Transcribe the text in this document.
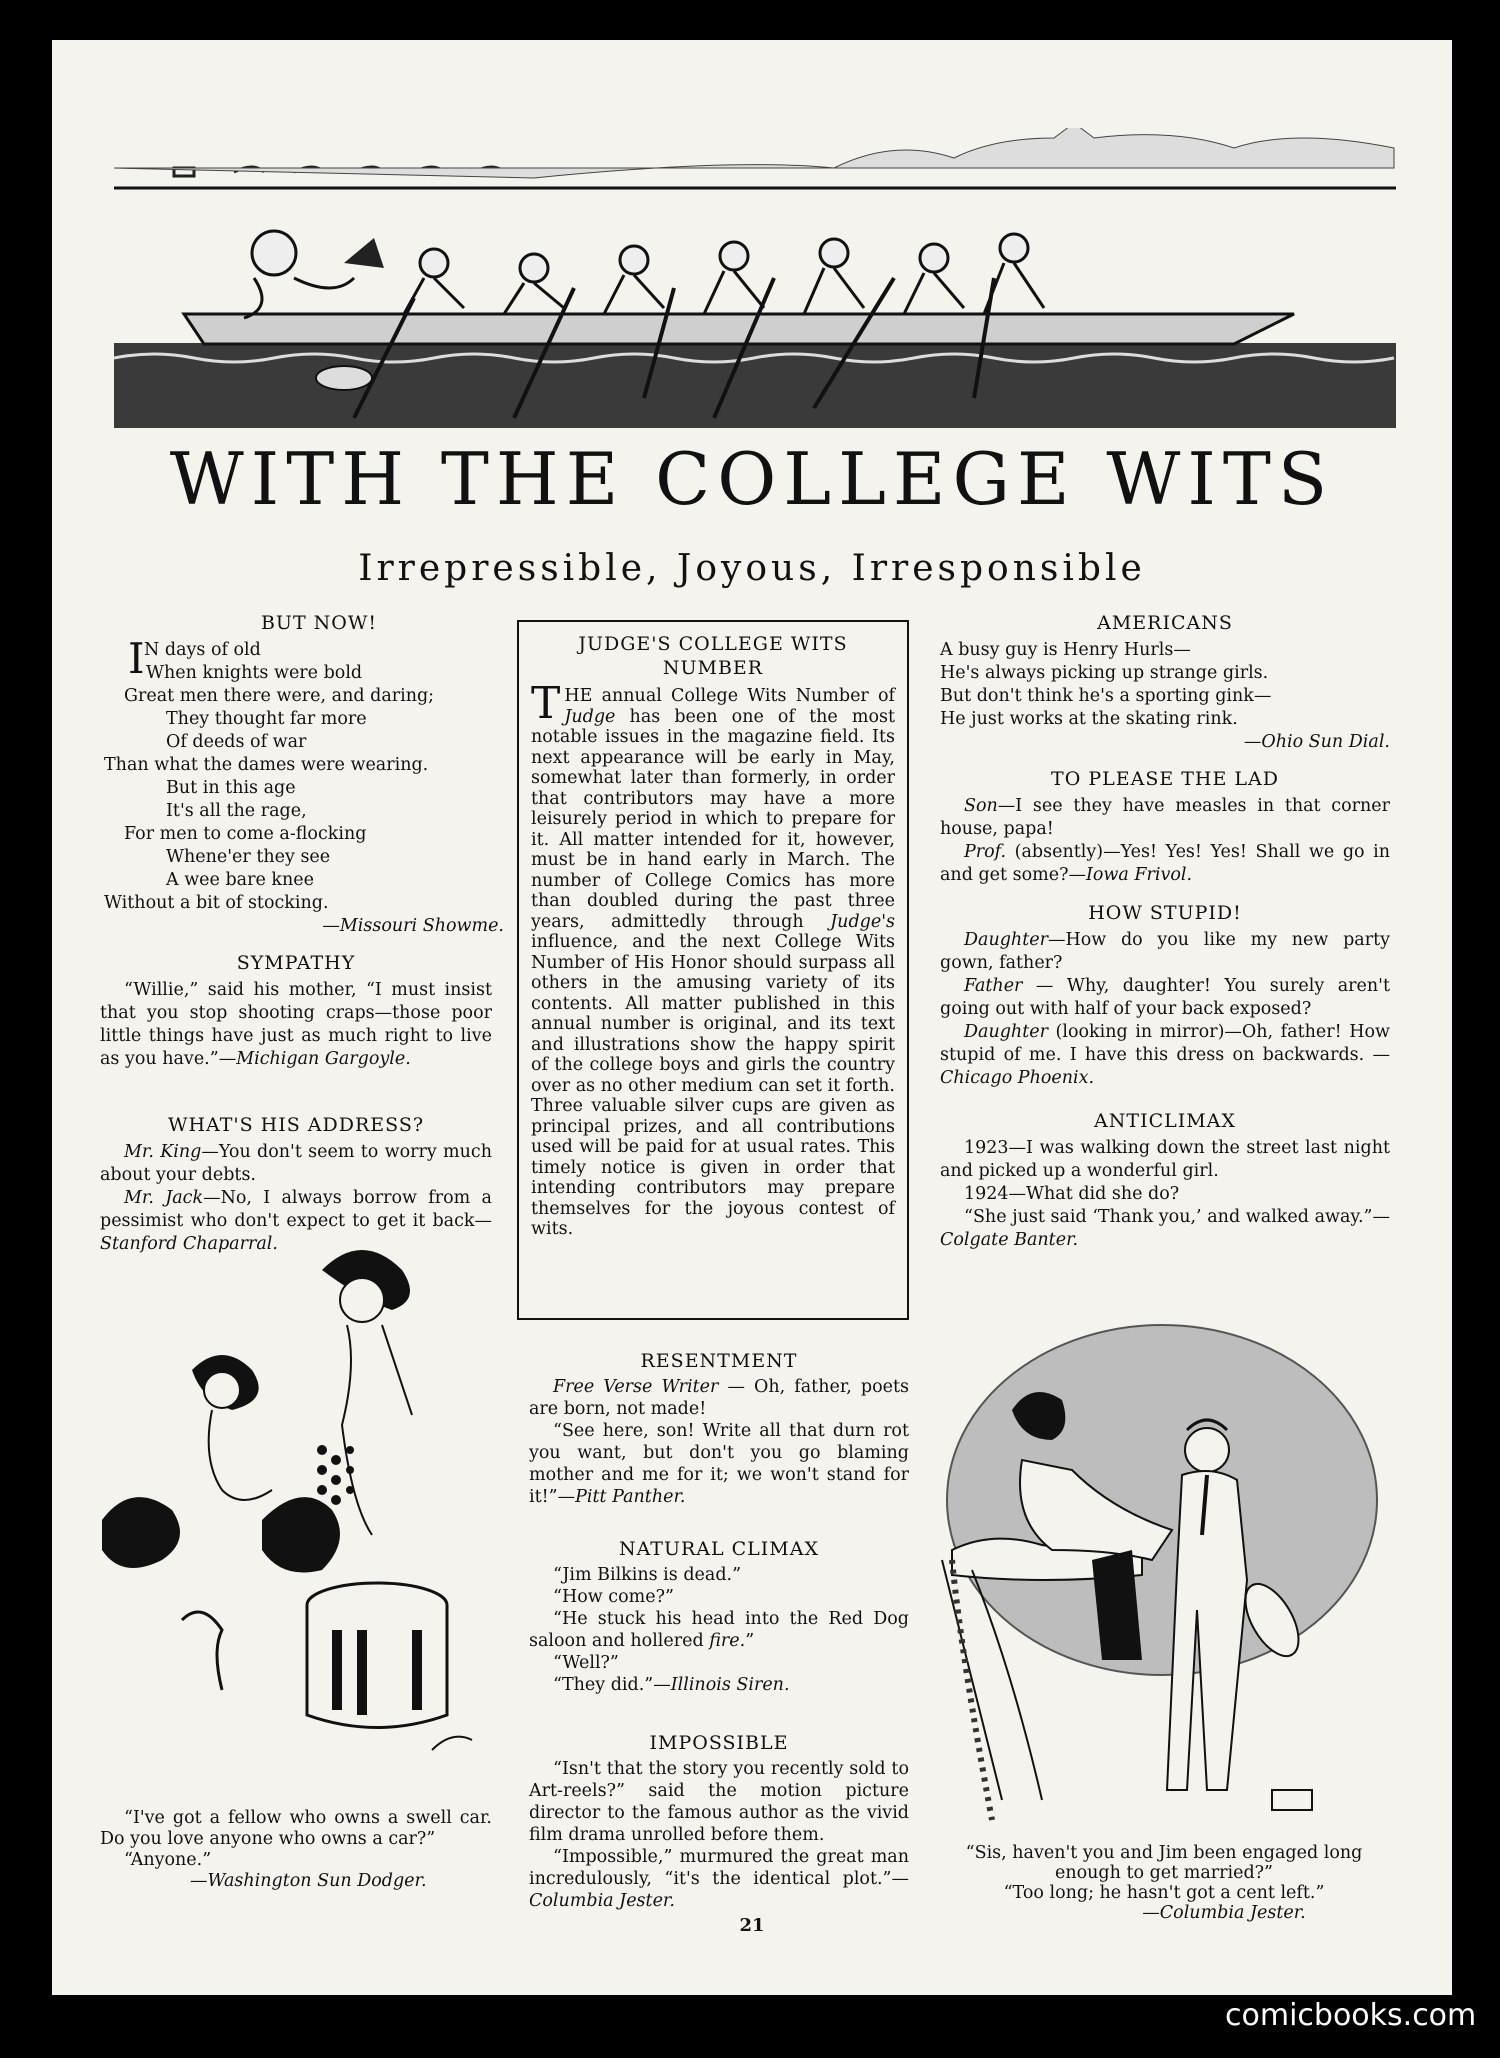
WITH THE COLLEGE WITS
Irrepressible, Joyous, Irresponsible
BUT NOW!
I N days of old
When knights were bold
Great men there were, and daring;
They thought far more
Of deeds of war
Than what the dames were wearing.
But in this age
It's all the rage,
For men to come a-flocking
Whene'er they see
A wee bare knee
Without a bit of stocking.
—Missouri Showme.
SYMPATHY
“Willie,” said his mother, “I must insist that you stop shooting craps—those poor little things have just as much right to live as you have.”—Michigan Gargoyle.
WHAT'S HIS ADDRESS?
Mr. King—You don't seem to worry much about your debts.
Mr. Jack—No, I always borrow from a pessimist who don't expect to get it back—Stanford Chaparral.
“I've got a fellow who owns a swell car. Do you love anyone who owns a car?”
“Anyone.”
—Washington Sun Dodger.
JUDGE'S COLLEGE WITS
NUMBER

THE annual College Wits Number of Judge has been one of the most notable issues in the magazine field. Its next appearance will be early in May, somewhat later than formerly, in order that contributors may have a more leisurely period in which to prepare for it. All matter intended for it, however, must be in hand early in March. The number of College Comics has more than doubled during the past three years, admittedly through Judge's influence, and the next College Wits Number of His Honor should surpass all others in the amusing variety of its contents. All matter published in this annual number is original, and its text and illustrations show the happy spirit of the college boys and girls the country over as no other medium can set it forth. Three valuable silver cups are given as principal prizes, and all contributions used will be paid for at usual rates. This timely notice is given in order that intending contributors may prepare themselves for the joyous contest of wits.

RESENTMENT
Free Verse Writer — Oh, father, poets are born, not made!
“See here, son! Write all that durn rot you want, but don't you go blaming mother and me for it; we won't stand for it!”—Pitt Panther.
NATURAL CLIMAX
“Jim Bilkins is dead.”
“How come?”
“He stuck his head into the Red Dog saloon and hollered fire.”
“Well?”
“They did.”—Illinois Siren.
IMPOSSIBLE
“Isn't that the story you recently sold to Art-reels?” said the motion picture director to the famous author as the vivid film drama unrolled before them.
“Impossible,” murmured the great man incredulously, “it's the identical plot.”—Columbia Jester.
AMERICANS
A busy guy is Henry Hurls—
He's always picking up strange girls.
But don't think he's a sporting gink—
He just works at the skating rink.
—Ohio Sun Dial.
TO PLEASE THE LAD
Son—I see they have measles in that corner house, papa!
Prof. (absently)—Yes! Yes! Yes! Shall we go in and get some?—Iowa Frivol.
HOW STUPID!
Daughter—How do you like my new party gown, father?
Father — Why, daughter! You surely aren't going out with half of your back exposed?
Daughter (looking in mirror)—Oh, father! How stupid of me. I have this dress on backwards. — Chicago Phoenix.
ANTICLIMAX
1923—I was walking down the street last night and picked up a wonderful girl.
1924—What did she do?
“She just said ‘Thank you,’ and walked away.”—Colgate Banter.
“Sis, haven't you and Jim been engaged long enough to get married?”
“Too long; he hasn't got a cent left.”
—Columbia Jester.
21
comicbooks.com
